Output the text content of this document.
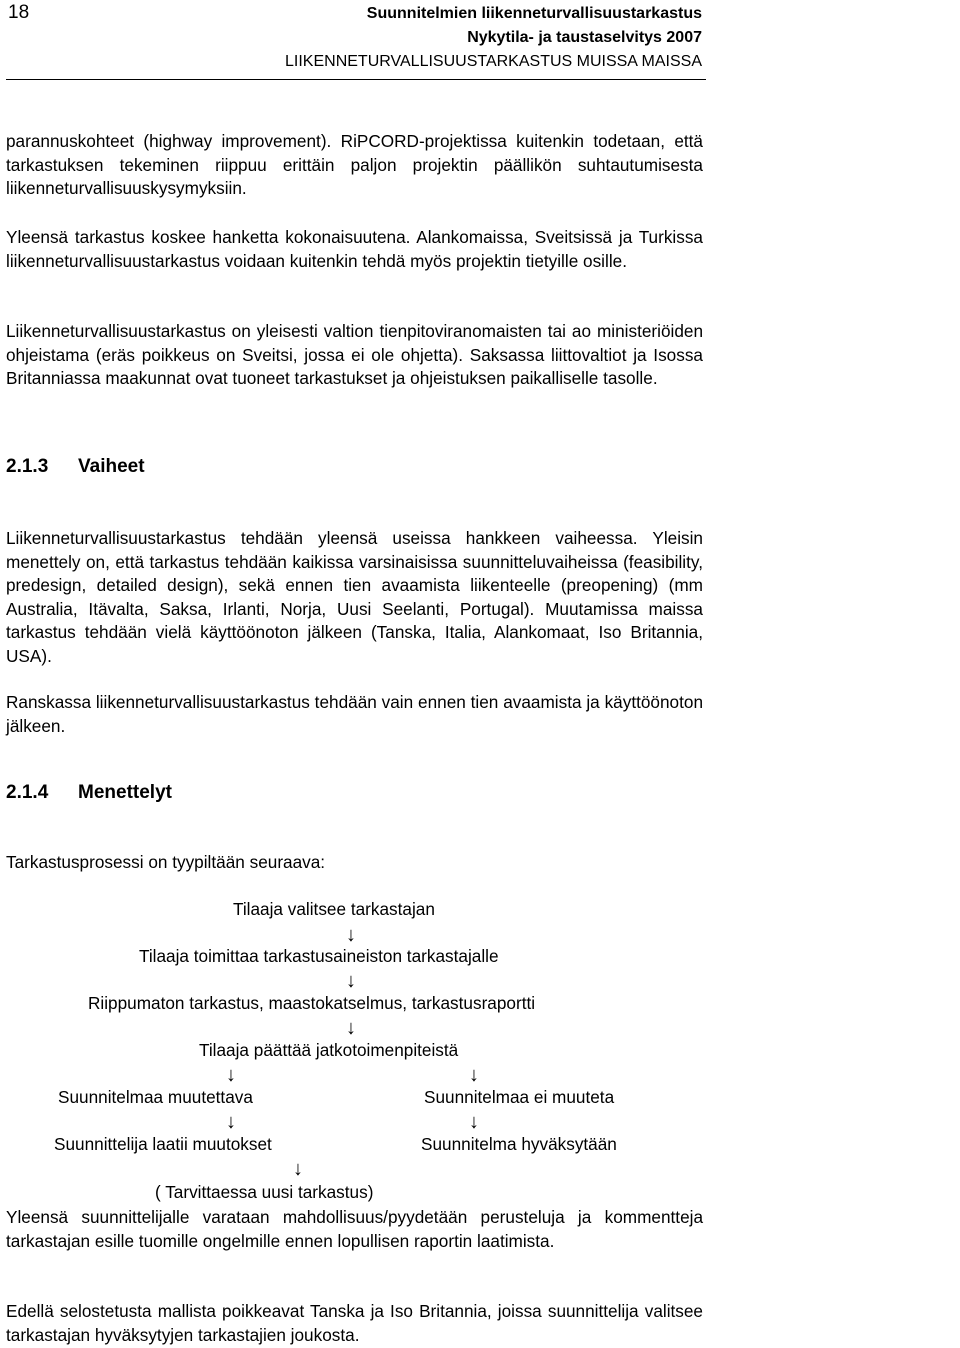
18	Suunnitelmien liikenneturvallisuustarkastus
Nykytila- ja taustaselvitys 2007
LIIKENNETURVALLISUUSTARKASTUS MUISSA MAISSA

parannuskohteet (highway improvement). RiPCORD-projektissa kuitenkin todetaan, että tarkastuksen tekeminen riippuu erittäin paljon projektin päällikön suhtautumisesta liikenneturvallisuuskysymyksiin.

Yleensä tarkastus koskee hanketta kokonaisuutena. Alankomaissa, Sveitsissä ja Turkissa liikenneturvallisuustarkastus voidaan kuitenkin tehdä myös projektin tietyille osille.

Liikenneturvallisuustarkastus on yleisesti valtion tienpitoviranomaisten tai ao ministeriöiden ohjeistama (eräs poikkeus on Sveitsi, jossa ei ole ohjetta). Saksassa liittovaltiot ja Isossa Britanniassa maakunnat ovat tuoneet tarkastukset ja ohjeistuksen paikalliselle tasolle.

2.1.3 Vaiheet

Liikenneturvallisuustarkastus tehdään yleensä useissa hankkeen vaiheessa. Yleisin menettely on, että tarkastus tehdään kaikissa varsinaisissa suunnitteluvaiheissa (feasibility, predesign, detailed design), sekä ennen tien avaamista liikenteelle (preopening) (mm Australia, Itävalta, Saksa, Irlanti, Norja, Uusi Seelanti, Portugal). Muutamissa maissa tarkastus tehdään vielä käyttöönoton jälkeen (Tanska, Italia, Alankomaat, Iso Britannia, USA).

Ranskassa liikenneturvallisuustarkastus tehdään vain ennen tien avaamista ja käyttöönoton jälkeen.

2.1.4 Menettelyt

Tarkastusprosessi on tyypiltään seuraava:

Tilaaja valitsee tarkastajan
↓
Tilaaja toimittaa tarkastusaineiston tarkastajalle
↓
Riippumaton tarkastus, maastokatselmus, tarkastusraportti
↓
Tilaaja päättää jatkotoimenpiteistä
↓	↓
Suunnitelmaa muutettava	Suunnitelmaa ei muuteta
↓	↓
Suunnittelija laatii muutokset	Suunnitelma hyväksytään
↓
( Tarvittaessa uusi tarkastus)

Yleensä suunnittelijalle varataan mahdollisuus/pyydetään perusteluja ja kommentteja tarkastajan esille tuomille ongelmille ennen lopullisen raportin laatimista.

Edellä selostetusta mallista poikkeavat Tanska ja Iso Britannia, joissa suunnittelija valitsee tarkastajan hyväksytyjen tarkastajien joukosta.
